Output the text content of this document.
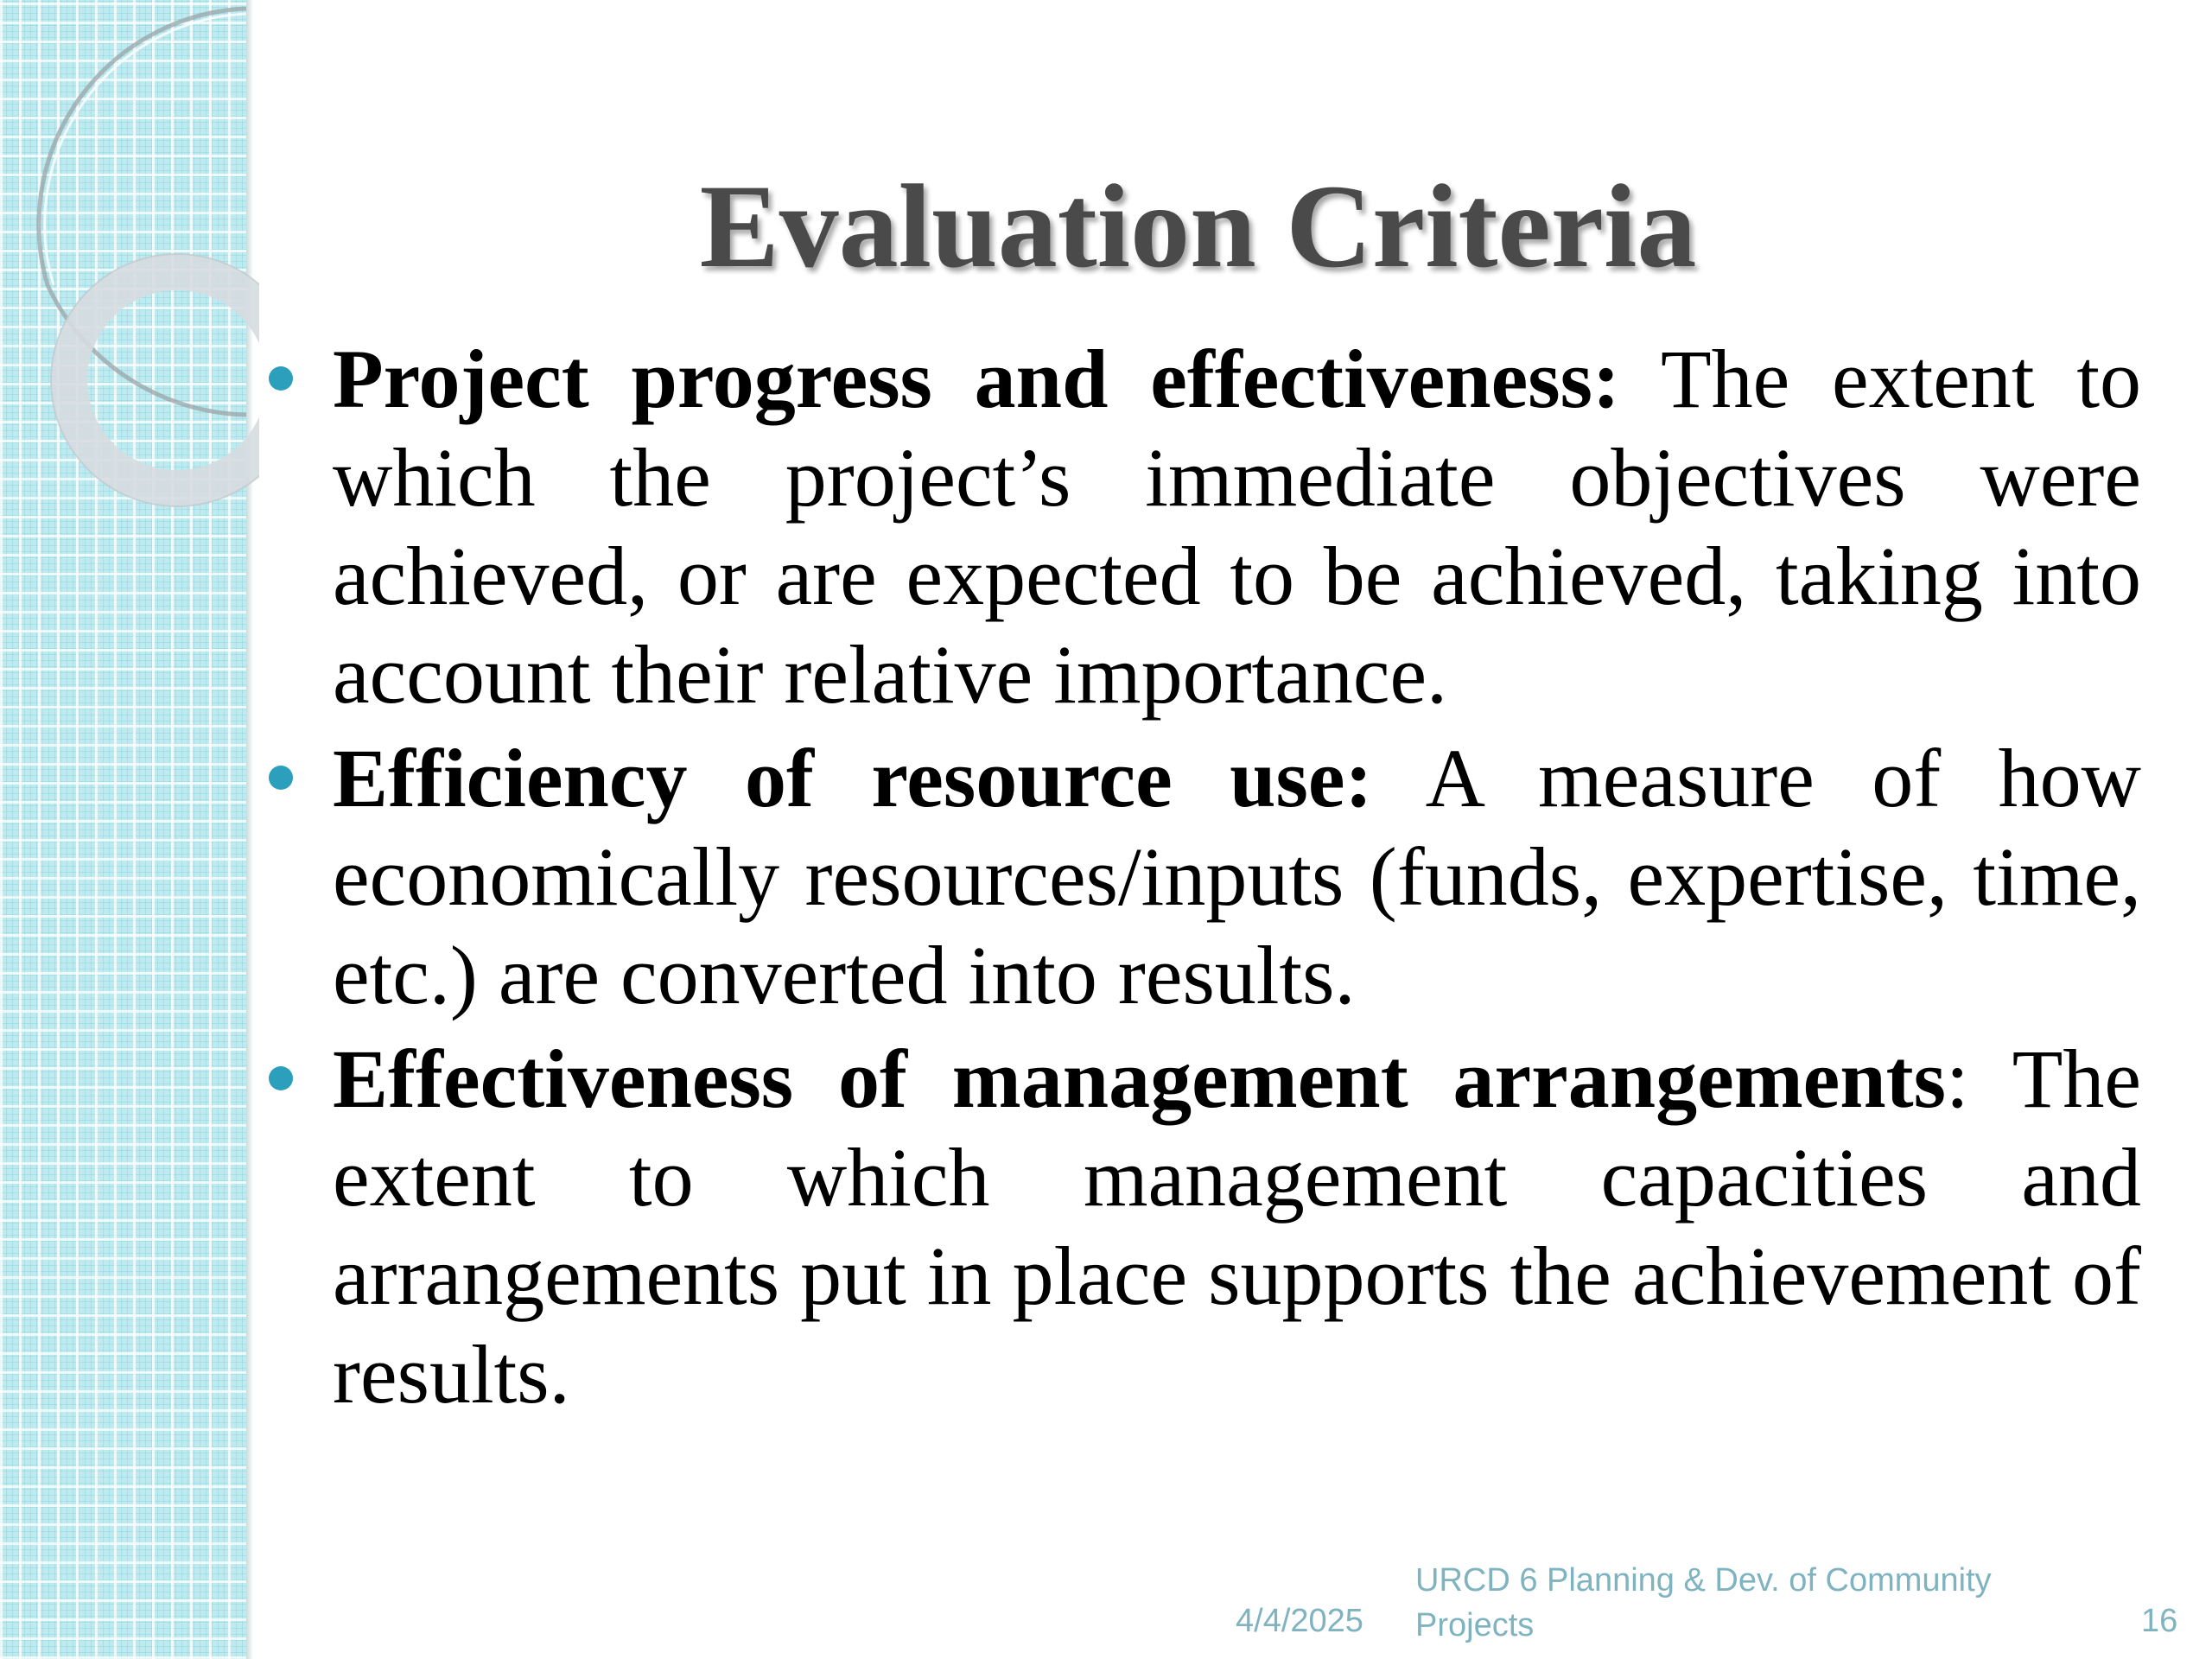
Evaluation Criteria
Project progress and effectiveness: The extent to which the project’s immediate objectives were achieved, or are expected to be achieved, taking into account their relative importance.
Efficiency of resource use: A measure of how economically resources/inputs (funds, expertise, time, etc.) are converted into results.
Effectiveness of management arrangements: The extent to which management capacities and arrangements put in place supports the achievement of results.
4/4/2025
URCD 6 Planning & Dev. of Community Projects	16
